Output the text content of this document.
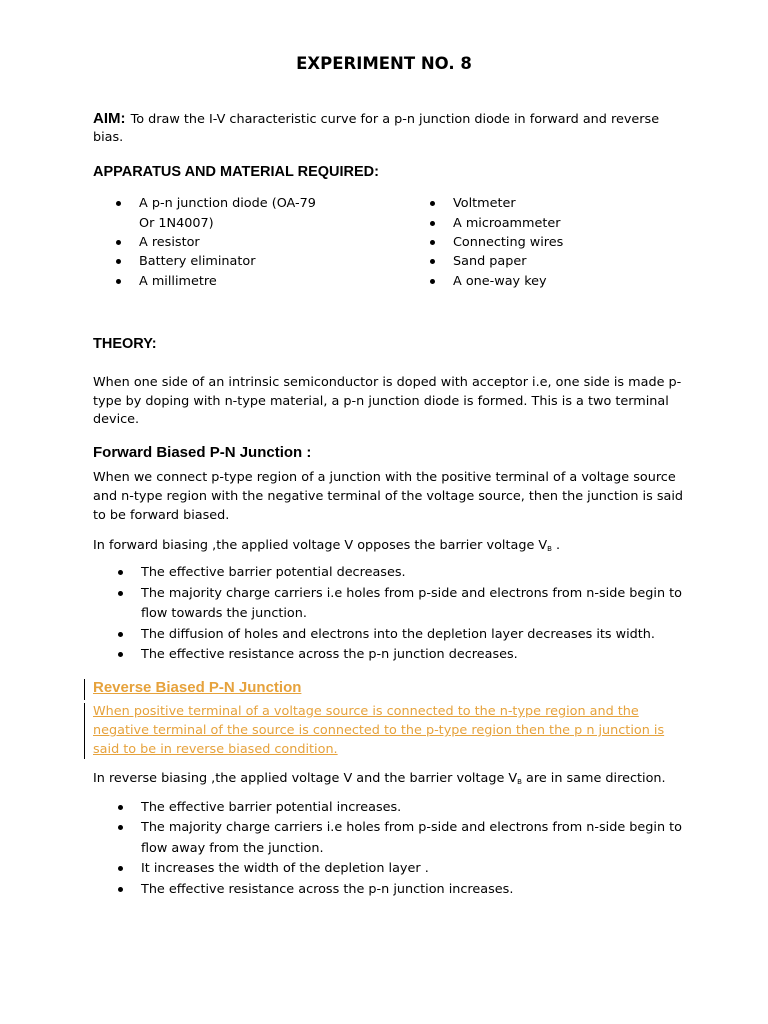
EXPERIMENT NO. 8
AIM: To draw the I-V characteristic curve for a p-n junction diode in forward and reverse
bias.
APPARATUS AND MATERIAL REQUIRED:
A p-n junction diode (OA-79
Or 1N4007)
A resistor
Battery eliminator
A millimetre
Voltmeter
A microammeter
Connecting wires
Sand paper
A one-way key
THEORY:
When one side of an intrinsic semiconductor is doped with acceptor i.e, one side is made p-
type by doping with n-type material, a p-n junction diode is formed. This is a two terminal
device.
Forward Biased P-N Junction :
When we connect p-type region of a junction with the positive terminal of a voltage source
and n-type region with the negative terminal of the voltage source, then the junction is said
to be forward biased.
In forward biasing ,the applied voltage V opposes the barrier voltage $V_B$ .
The effective barrier potential decreases.
The majority charge carriers i.e holes from p-side and electrons from n-side begin to
flow towards the junction.
The diffusion of holes and electrons into the depletion layer decreases its width.
The effective resistance across the p-n junction decreases.
Reverse Biased P-N Junction
When positive terminal of a voltage source is connected to the n-type region and the
negative terminal of the source is connected to the p-type region then the p n junction is
said to be in reverse biased condition.
In reverse biasing ,the applied voltage V and the barrier voltage $V_B$ are in same direction.
The effective barrier potential increases.
The majority charge carriers i.e holes from p-side and electrons from n-side begin to
flow away from the junction.
It increases the width of the depletion layer .
The effective resistance across the p-n junction increases.
